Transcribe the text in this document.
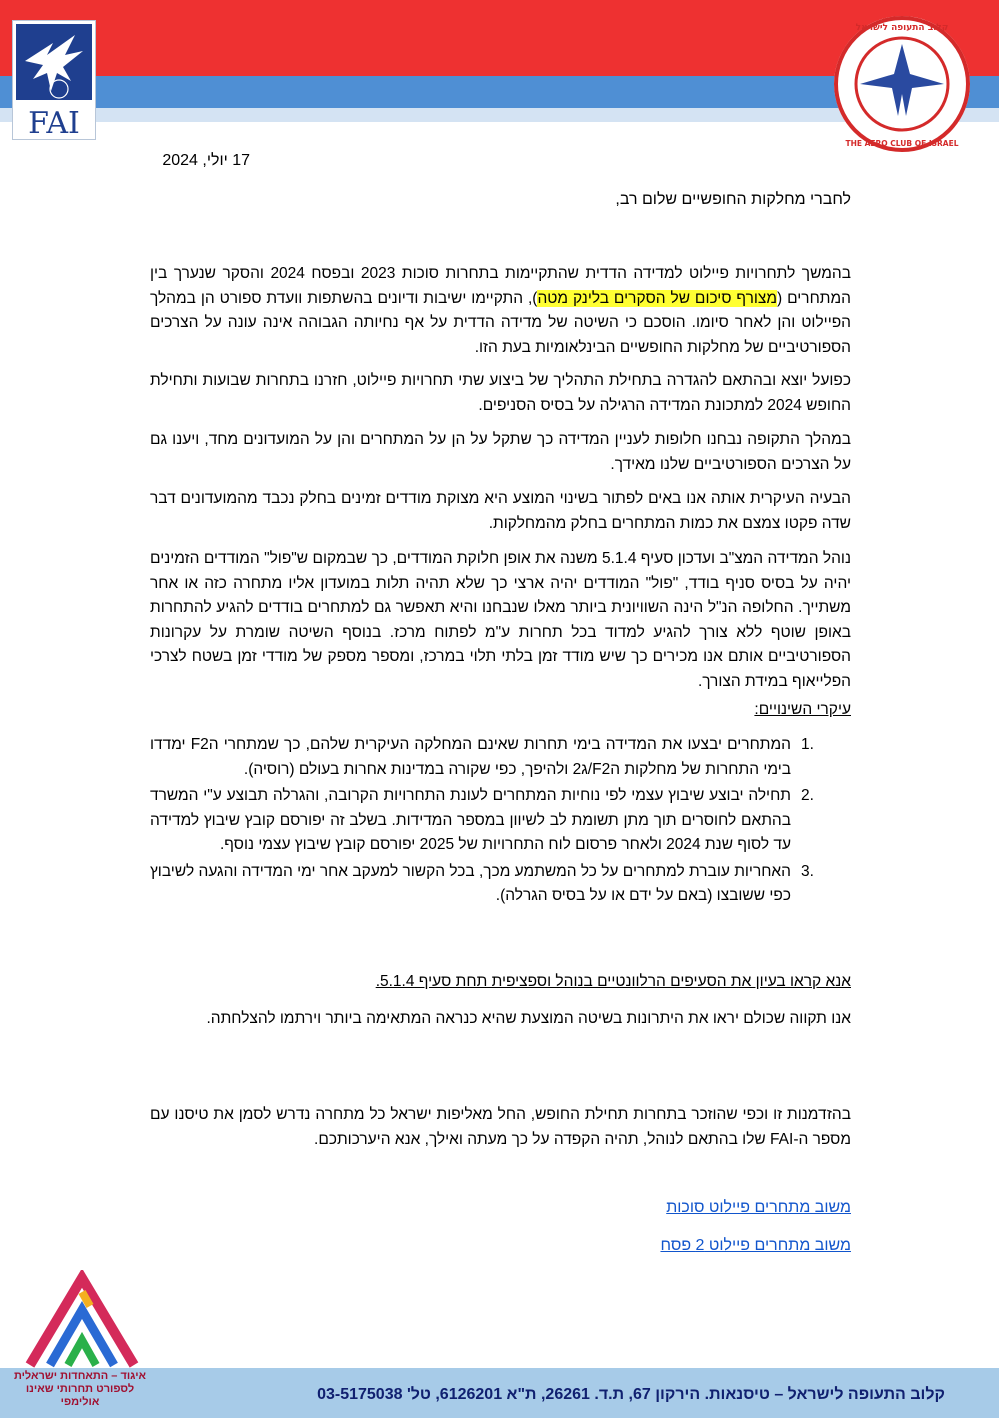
FAI
קלוב התעופה לישראל
THE AERO CLUB OF ISRAEL
17 יולי, 2024
לחברי מחלקות החופשיים שלום רב,
בהמשך לתחרויות פיילוט למדידה הדדית שהתקיימות בתחרות סוכות 2023 ובפסח 2024 והסקר שנערך בין המתחרים (מצורף סיכום של הסקרים בלינק מטה), התקיימו ישיבות ודיונים בהשתפות וועדת ספורט הן במהלך הפיילוט והן לאחר סיומו. הוסכם כי השיטה של מדידה הדדית על אף נחיותה הגבוהה אינה עונה על הצרכים הספורטיביים של מחלקות החופשיים הבינלאומיות בעת הזו.
כפועל יוצא ובהתאם להגדרה בתחילת התהליך של ביצוע שתי תחרויות פיילוט, חזרנו בתחרות שבועות ותחילת החופש 2024 למתכונת המדידה הרגילה על בסיס הסניפים.
במהלך התקופה נבחנו חלופות לעניין המדידה כך שתקל על הן על המתחרים והן על המועדונים מחד, ויענו גם על הצרכים הספורטיביים שלנו מאידך.
הבעיה העיקרית אותה אנו באים לפתור בשינוי המוצע היא מצוקת מודדים זמינים בחלק נכבד מהמועדונים דבר שדה פקטו צמצם את כמות המתחרים בחלק מהמחלקות.
נוהל המדידה המצ"ב ועדכון סעיף 5.1.4 משנה את אופן חלוקת המודדים, כך שבמקום ש"פול" המודדים הזמינים יהיה על בסיס סניף בודד, "פול" המודדים יהיה ארצי כך שלא תהיה תלות במועדון אליו מתחרה כזה או אחר משתייך. החלופה הנ"ל הינה השוויונית ביותר מאלו שנבחנו והיא תאפשר גם למתחרים בודדים להגיע להתחרות באופן שוטף ללא צורך להגיע למדוד בכל תחרות ע"מ לפתוח מרכז. בנוסף השיטה שומרת על עקרונות הספורטיביים אותם אנו מכירים כך שיש מודד זמן בלתי תלוי במרכז, ומספר מספק של מודדי זמן בשטח לצרכי הפלייאוף במידת הצורך.
עיקרי השינויים:
1.
המתחרים יבצעו את המדידה בימי תחרות שאינם המחלקה העיקרית שלהם, כך שמתחרי הF2 ימדדו בימי התחרות של מחלקות הF2/ג2 ולהיפך, כפי שקורה במדינות אחרות בעולם (רוסיה).
2.
תחילה יבוצע שיבוץ עצמי לפי נוחיות המתחרים לעונת התחרויות הקרובה, והגרלה תבוצע ע"י המשרד בהתאם לחוסרים תוך מתן תשומת לב לשיוון במספר המדידות. בשלב זה יפורסם קובץ שיבוץ למדידה עד לסוף שנת 2024 ולאחר פרסום לוח התחרויות של 2025 יפורסם קובץ שיבוץ עצמי נוסף.
3.
האחריות עוברת למתחרים על כל המשתמע מכך, בכל הקשור למעקב אחר ימי המדידה והגעה לשיבוץ כפי ששובצו (באם על ידם או על בסיס הגרלה).
אנא קראו בעיון את הסעיפים הרלוונטיים בנוהל וספציפית תחת סעיף 5.1.4.
אנו תקווה שכולם יראו את היתרונות בשיטה המוצעת שהיא כנראה המתאימה ביותר וירתמו להצלחתה.
בהזדמנות זו וכפי שהוזכר בתחרות תחילת החופש, החל מאליפות ישראל כל מתחרה נדרש לסמן את טיסנו עם מספר ה-FAI שלו בהתאם לנוהל, תהיה הקפדה על כך מעתה ואילך, אנא היערכותכם.
משוב מתחרים פיילוט סוכות
משוב מתחרים פיילוט 2 פסח
קלוב התעופה לישראל – טיסנאות. הירקון 67, ת.ד. 26261, ת"א 6126201, טל' 03-5175038
איגוד – התאחדות ישראלית
לספורט תחרותי שאינו אולימפי
